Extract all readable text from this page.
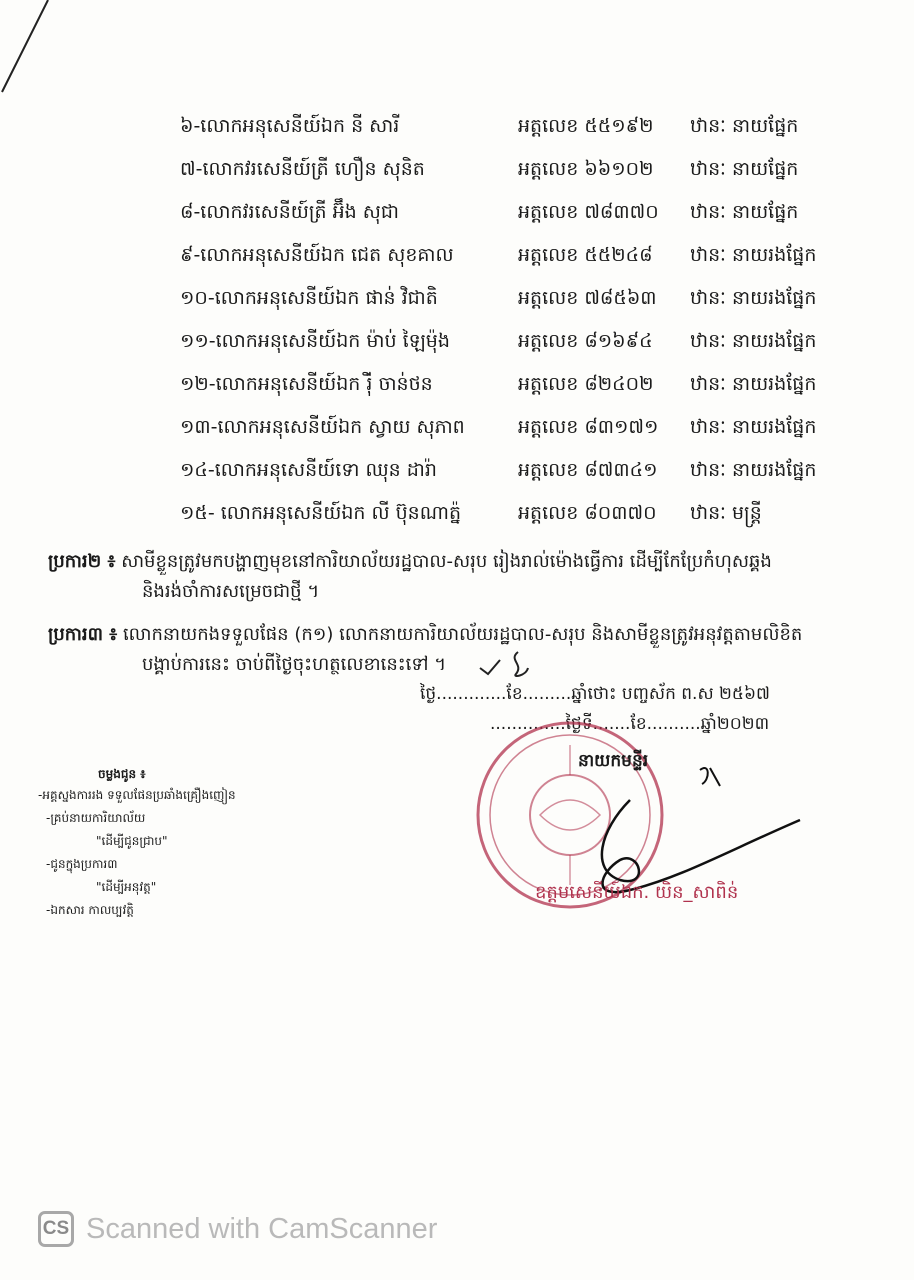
៦-លោកអនុសេនីយ៍ឯក នី សារី	អត្តលេខ ៥៥១៩២ ឋានៈ នាយផ្នែក
៧-លោកវរសេនីយ៍ត្រី ហឿន សុនិត	អត្តលេខ ៦៦១០២ ឋានៈ នាយផ្នែក
៨-លោកវរសេនីយ៍ត្រី អ៊ឹង សុជា	អត្តលេខ ៧៨៣៧០ ឋានៈ នាយផ្នែក
៩-លោកអនុសេនីយ៍ឯក ជេត សុខគាល	អត្តលេខ ៥៥២៤៨ ឋានៈ នាយរងផ្នែក
១០-លោកអនុសេនីយ៍ឯក ផាន់ វិជាតិ	អត្តលេខ ៧៨៥៦៣ ឋានៈ នាយរងផ្នែក
១១-លោកអនុសេនីយ៍ឯក ម៉ាប់ ឡៃម៉ុង	អត្តលេខ ៨១៦៩៤ ឋានៈ នាយរងផ្នែក
១២-លោកអនុសេនីយ៍ឯក រ៉ុី ចាន់ថន	អត្តលេខ ៨២៤០២ ឋានៈ នាយរងផ្នែក
១៣-លោកអនុសេនីយ៍ឯក ស្វាយ សុភាព	អត្តលេខ ៨៣១៧១ ឋានៈ នាយរងផ្នែក
១៤-លោកអនុសេនីយ៍ទោ ឈុន ដារ៉ា	អត្តលេខ ៨៧៣៤១ ឋានៈ នាយរងផ្នែក
១៥- លោកអនុសេនីយ៍ឯក លី ប៊ុនណាត្ន៉	អត្តលេខ ៨០៣៧០ ឋានៈ មន្ត្រី
ប្រការ២ ៖ សាមីខ្លួនត្រូវមកបង្ហាញមុខនៅការិយាល័យរដ្ឋបាល-សរុប រៀងរាល់ម៉ោងធ្វើការ ដើម្បីកែប្រែកំហុសឆ្គង
និងរង់ចាំការសម្រេចជាថ្មី ។
ប្រការ៣ ៖ លោកនាយកងទទួលផែន (ក១) លោកនាយការិយាល័យរដ្ឋបាល-សរុប និងសាមីខ្លួនត្រូវអនុវត្តតាមលិខិត
បង្គាប់ការនេះ ចាប់ពីថ្ងៃចុះហត្ថលេខានេះទៅ ។
ថ្ងៃ.............ខែ.........ឆ្នាំថោះ បញ្ចស័ក ព.ស ២៥៦៧
..............ថ្ងៃទី.......ខែ..........ឆ្នាំ២០២៣
នាយកមន្ទីរ
ឧត្តមសេនីយ៍ឯក. យិន_សាពិន់
ចម្លងជូន ៖
-អគ្គស្នងការរង ទទួលផែនប្រឆាំងគ្រឿងញៀន
-គ្រប់នាយការិយាល័យ
"ដើម្បីជូនជ្រាប"
-ជូនក្នុងប្រការ៣
"ដើម្បីអនុវត្ត"
-ឯកសារ កាលប្បវត្តិ
CS Scanned with CamScanner
